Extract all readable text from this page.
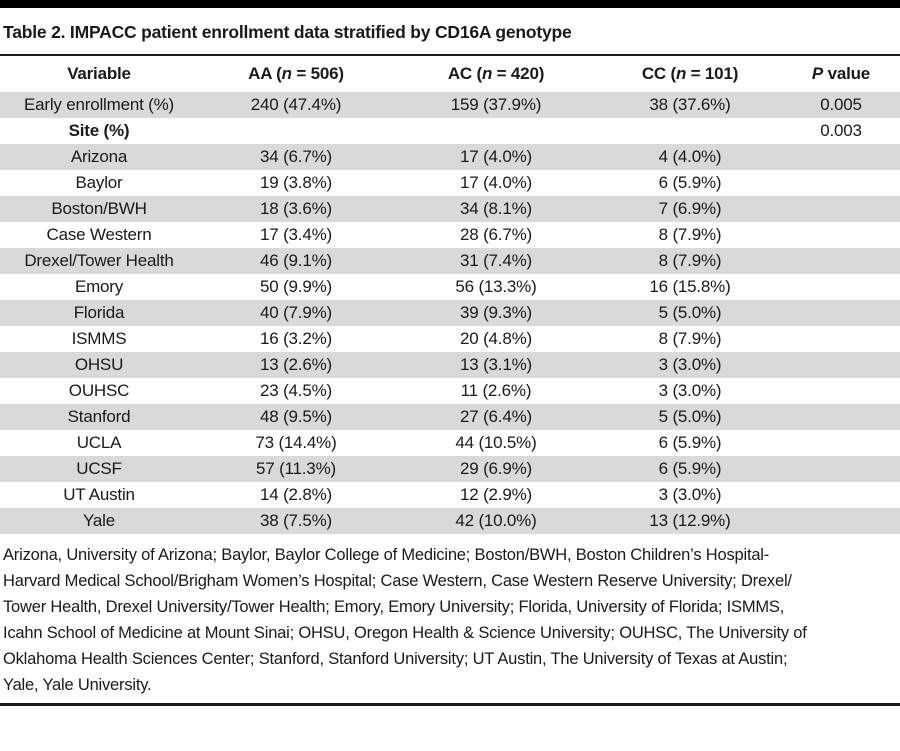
Table 2. IMPACC patient enrollment data stratified by CD16A genotype
Variable	AA (n = 506)	AC (n = 420)	CC (n = 101)	P value
Early enrollment (%)	240 (47.4%)	159 (37.9%)	38 (37.6%)	0.005
Site (%)				0.003
Arizona	34 (6.7%)	17 (4.0%)	4 (4.0%)	
Baylor	19 (3.8%)	17 (4.0%)	6 (5.9%)	
Boston/BWH	18 (3.6%)	34 (8.1%)	7 (6.9%)	
Case Western	17 (3.4%)	28 (6.7%)	8 (7.9%)	
Drexel/Tower Health	46 (9.1%)	31 (7.4%)	8 (7.9%)	
Emory	50 (9.9%)	56 (13.3%)	16 (15.8%)	
Florida	40 (7.9%)	39 (9.3%)	5 (5.0%)	
ISMMS	16 (3.2%)	20 (4.8%)	8 (7.9%)	
OHSU	13 (2.6%)	13 (3.1%)	3 (3.0%)	
OUHSC	23 (4.5%)	11 (2.6%)	3 (3.0%)	
Stanford	48 (9.5%)	27 (6.4%)	5 (5.0%)	
UCLA	73 (14.4%)	44 (10.5%)	6 (5.9%)	
UCSF	57 (11.3%)	29 (6.9%)	6 (5.9%)	
UT Austin	14 (2.8%)	12 (2.9%)	3 (3.0%)	
Yale	38 (7.5%)	42 (10.0%)	13 (12.9%)	
Arizona, University of Arizona; Baylor, Baylor College of Medicine; Boston/BWH, Boston Children’s Hospital-
Harvard Medical School/Brigham Women’s Hospital; Case Western, Case Western Reserve University; Drexel/
Tower Health, Drexel University/Tower Health; Emory, Emory University; Florida, University of Florida; ISMMS,
Icahn School of Medicine at Mount Sinai; OHSU, Oregon Health & Science University; OUHSC, The University of
Oklahoma Health Sciences Center; Stanford, Stanford University; UT Austin, The University of Texas at Austin;
Yale, Yale University.
